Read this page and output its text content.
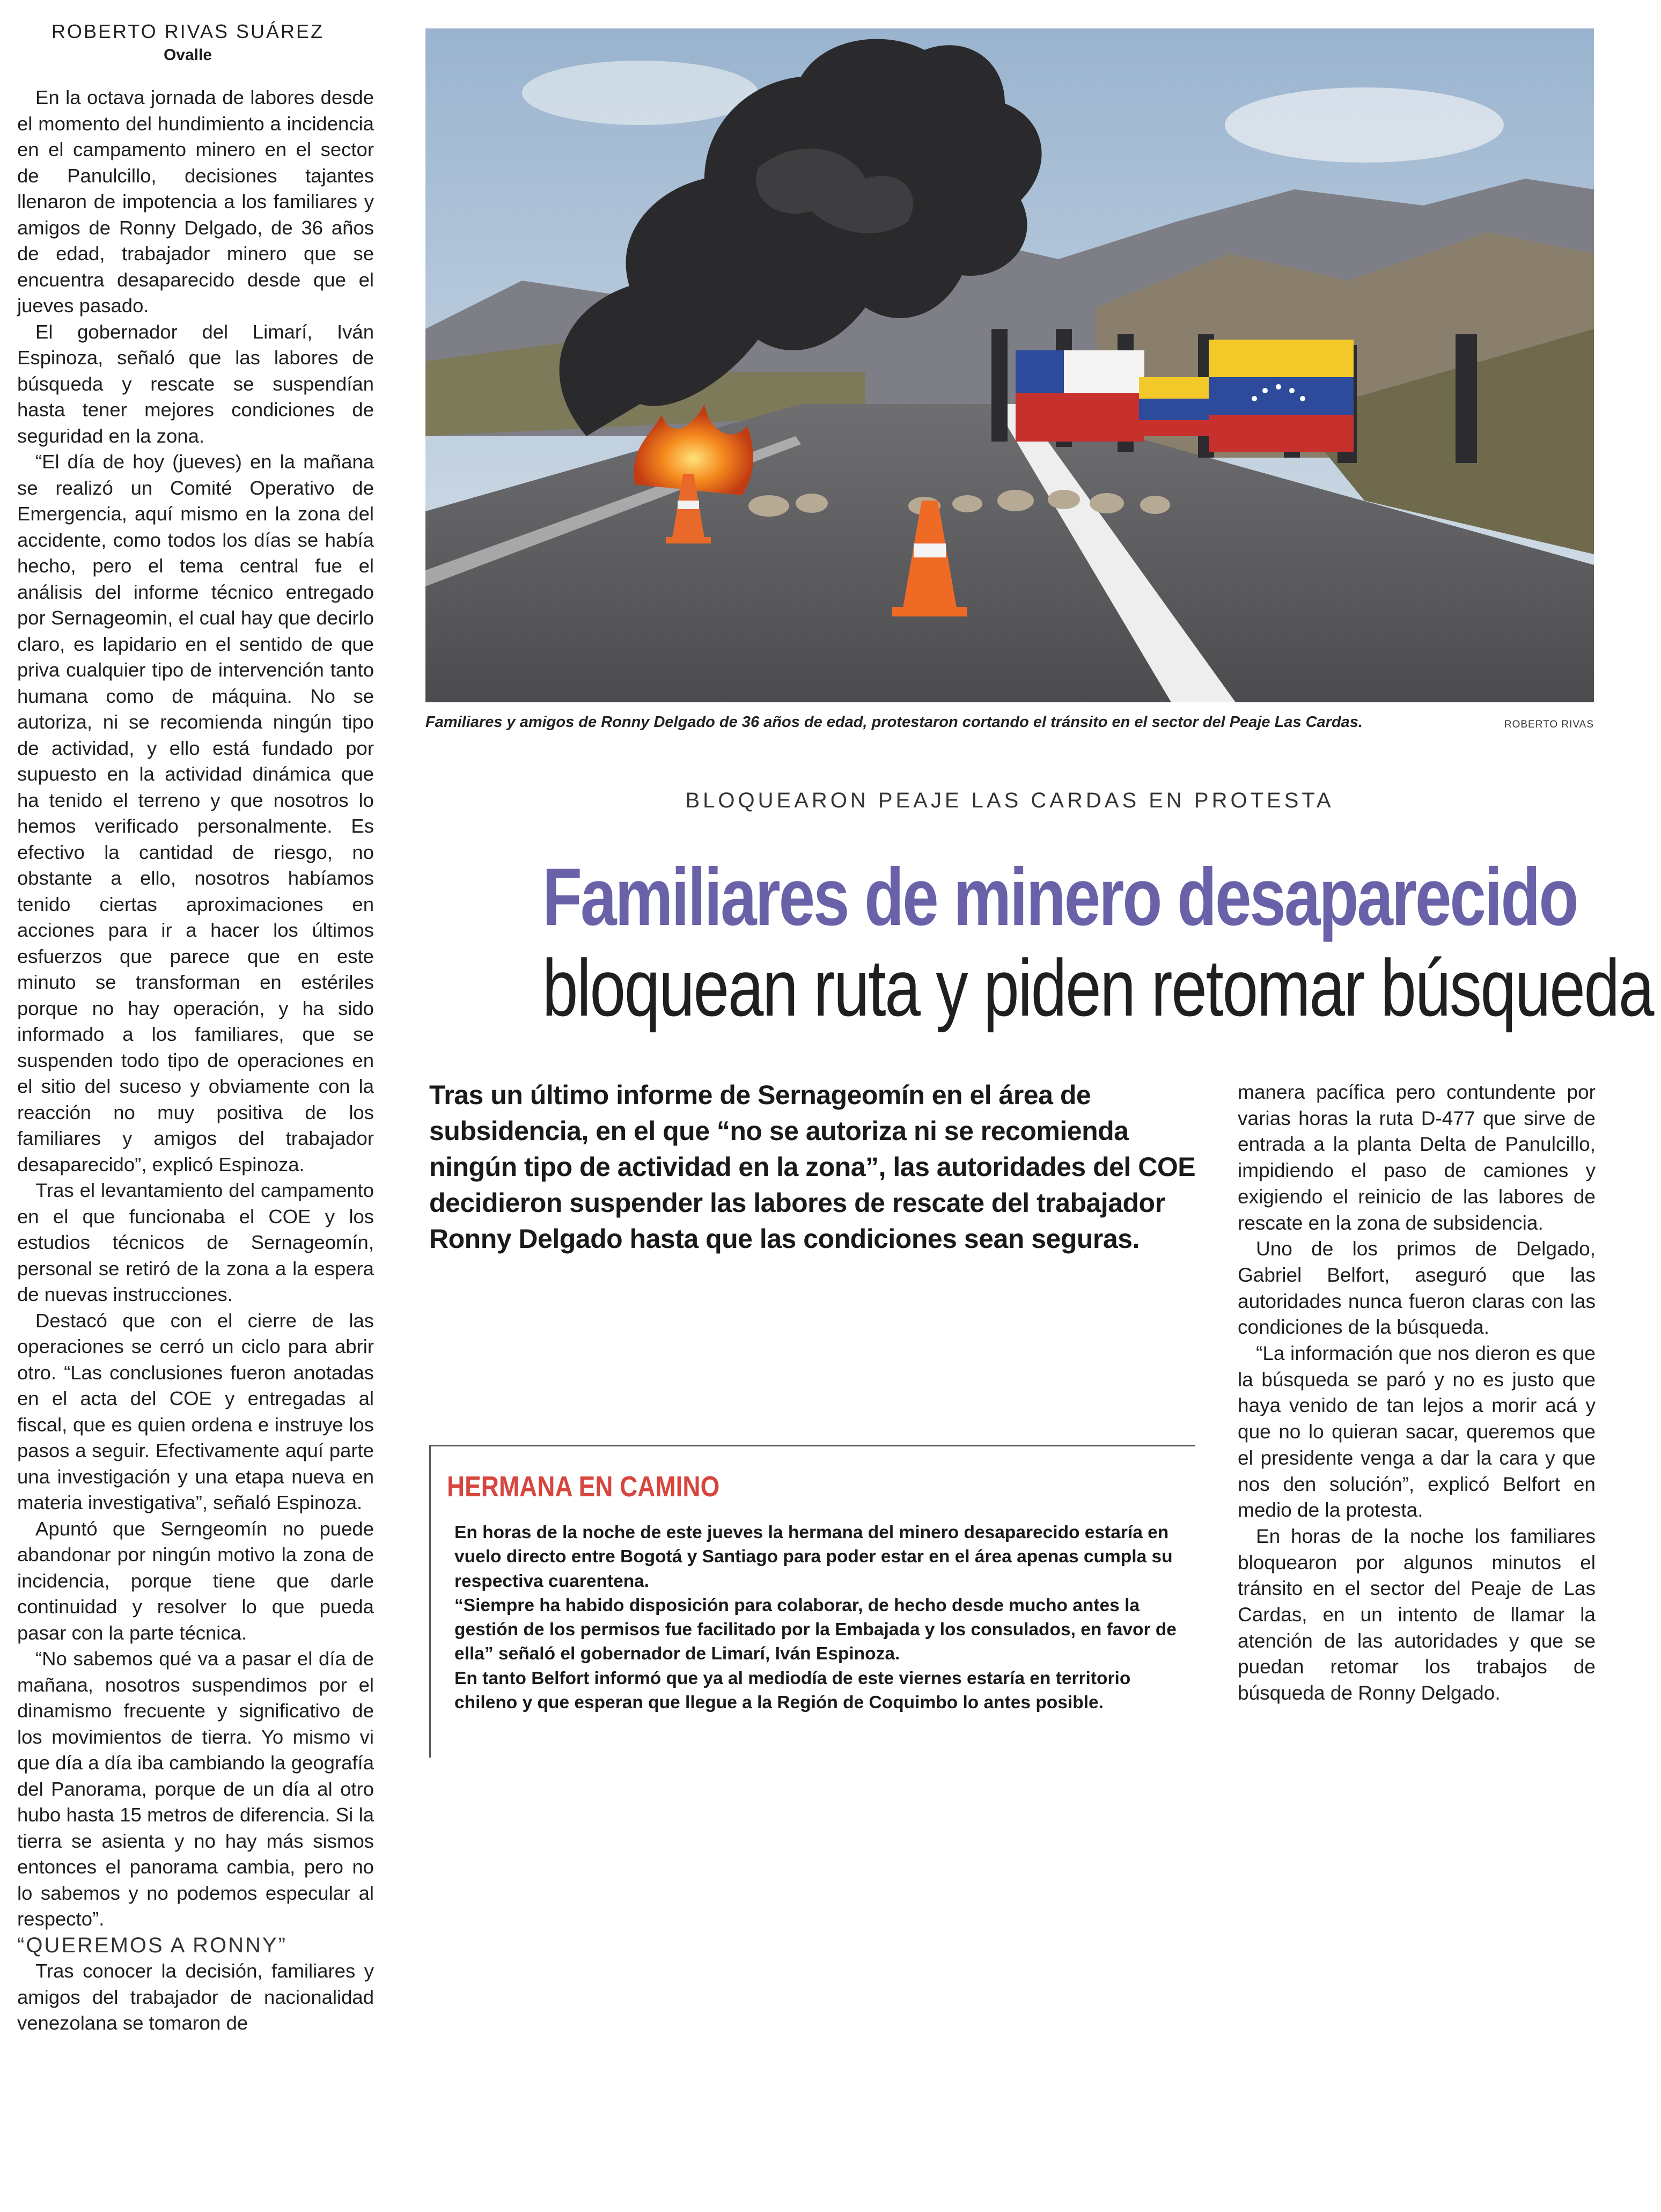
ROBERTO RIVAS SUÁREZ
Ovalle

En la octava jornada de labores desde el momento del hundimiento a incidencia en el campamento minero en el sector de Panulcillo, decisiones tajantes llenaron de impotencia a los familiares y amigos de Ronny Delgado, de 36 años de edad, trabajador minero que se encuentra desaparecido desde que el jueves pasado.

El gobernador del Limarí, Iván Espinoza, señaló que las labores de búsqueda y rescate se suspendían hasta tener mejores condiciones de seguridad en la zona.

“El día de hoy (jueves) en la mañana se realizó un Comité Operativo de Emergencia, aquí mismo en la zona del accidente, como todos los días se había hecho, pero el tema central fue el análisis del informe técnico entregado por Sernageomin, el cual hay que decirlo claro, es lapidario en el sentido de que priva cualquier tipo de intervención tanto humana como de máquina. No se autoriza, ni se recomienda ningún tipo de actividad, y ello está fundado por supuesto en la actividad dinámica que ha tenido el terreno y que nosotros lo hemos verificado personalmente. Es efectivo la cantidad de riesgo, no obstante a ello, nosotros habíamos tenido ciertas aproximaciones en acciones para ir a hacer los últimos esfuerzos que parece que en este minuto se transforman en estériles porque no hay operación, y ha sido informado a los familiares, que se suspenden todo tipo de operaciones en el sitio del suceso y obviamente con la reacción no muy positiva de los familiares y amigos del trabajador desaparecido”, explicó Espinoza.

Tras el levantamiento del campamento en el que funcionaba el COE y los estudios técnicos de Sernageomín, personal se retiró de la zona a la espera de nuevas instrucciones.

Destacó que con el cierre de las operaciones se cerró un ciclo para abrir otro. “Las conclusiones fueron anotadas en el acta del COE y entregadas al fiscal, que es quien ordena e instruye los pasos a seguir. Efectivamente aquí parte una investigación y una etapa nueva en materia investigativa”, señaló Espinoza.

Apuntó que Serngeomín no puede abandonar por ningún motivo la zona de incidencia, porque tiene que darle continuidad y resolver lo que pueda pasar con la parte técnica.

“No sabemos qué va a pasar el día de mañana, nosotros suspendimos por el dinamismo frecuente y significativo de los movimientos de tierra. Yo mismo vi que día a día iba cambiando la geografía del Panorama, porque de un día al otro hubo hasta 15 metros de diferencia. Si la tierra se asienta y no hay más sismos entonces el panorama cambia, pero no lo sabemos y no podemos especular al respecto”.

“QUEREMOS A RONNY”

Tras conocer la decisión, familiares y amigos del trabajador de nacionalidad venezolana se tomaron de

Familiares y amigos de Ronny Delgado de 36 años de edad, protestaron cortando el tránsito en el sector del Peaje Las Cardas.	ROBERTO RIVAS
BLOQUEARON PEAJE LAS CARDAS EN PROTESTA
Familiares de minero desaparecido
bloquean ruta y piden retomar búsqueda
Tras un último informe de Sernageomín en el área de subsidencia, en el que “no se autoriza ni se recomienda ningún tipo de actividad en la zona”, las autoridades del COE decidieron suspender las labores de rescate del trabajador Ronny Delgado hasta que las condiciones sean seguras.
HERMANA EN CAMINO

En horas de la noche de este jueves la hermana del minero desaparecido estaría en vuelo directo entre Bogotá y Santiago para poder estar en el área apenas cumpla su respectiva cuarentena.

“Siempre ha habido disposición para colaborar, de hecho desde mucho antes la gestión de los permisos fue facilitado por la Embajada y los consulados, en favor de ella” señaló el gobernador de Limarí, Iván Espinoza.

En tanto Belfort informó que ya al mediodía de este viernes estaría en territorio chileno y que esperan que llegue a la Región de Coquimbo lo antes posible.

manera pacífica pero contundente por varias horas la ruta D-477 que sirve de entrada a la planta Delta de Panulcillo, impidiendo el paso de camiones y exigiendo el reinicio de las labores de rescate en la zona de subsidencia.

Uno de los primos de Delgado, Gabriel Belfort, aseguró que las autoridades nunca fueron claras con las condiciones de la búsqueda.

“La información que nos dieron es que la búsqueda se paró y no es justo que haya venido de tan lejos a morir acá y que no lo quieran sacar, queremos que el presidente venga a dar la cara y que nos den solución”, explicó Belfort en medio de la protesta.

En horas de la noche los familiares bloquearon por algunos minutos el tránsito en el sector del Peaje de Las Cardas, en un intento de llamar la atención de las autoridades y que se puedan retomar los trabajos de búsqueda de Ronny Delgado.
